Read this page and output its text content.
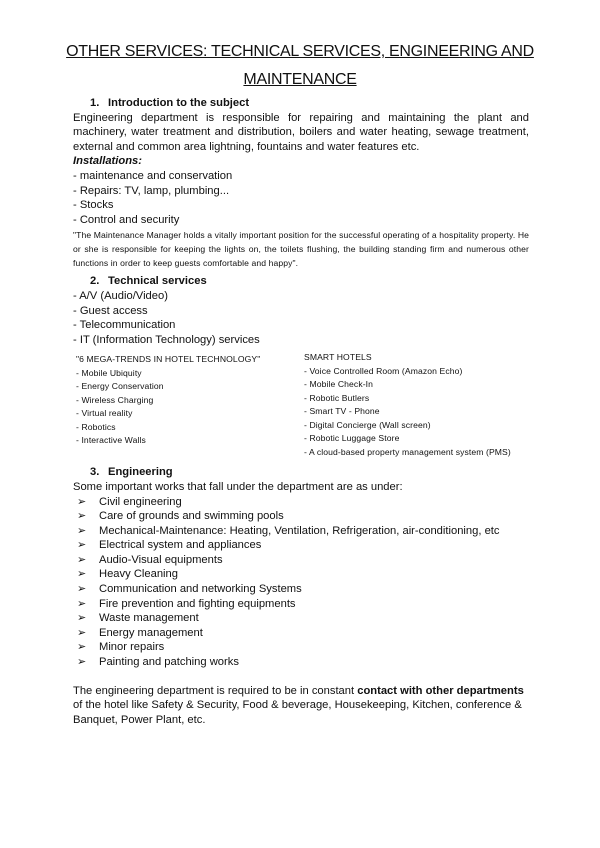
OTHER SERVICES: TECHNICAL SERVICES, ENGINEERING AND
MAINTENANCE
1. Introduction to the subject

Engineering department is responsible for repairing and maintaining the plant and machinery, water treatment and distribution, boilers and water heating, sewage treatment, external and common area lightning, fountains and water features etc.

Installations:
- maintenance and conservation
- Repairs: TV, lamp, plumbing...
- Stocks
- Control and security

"The Maintenance Manager holds a vitally important position for the successful operating of a hospitality property. He or she is responsible for keeping the lights on, the toilets flushing, the building standing firm and numerous other functions in order to keep guests comfortable and happy".

2. Technical services
- A/V (Audio/Video)
- Guest access
- Telecommunication
- IT (Information Technology) services
"6 MEGA-TRENDS IN HOTEL TECHNOLOGY"
- Mobile Ubiquity
- Energy Conservation
- Wireless Charging
- Virtual reality
- Robotics
- Interactive Walls
SMART HOTELS
- Voice Controlled Room (Amazon Echo)
- Mobile Check-In
- Robotic Butlers
- Smart TV - Phone
- Digital Concierge (Wall screen)
- Robotic Luggage Store
- A cloud-based property management system (PMS)
3. Engineering
Some important works that fall under the department are as under:
➢	Civil engineering
➢	Care of grounds and swimming pools
➢	Mechanical-Maintenance: Heating, Ventilation, Refrigeration, air-conditioning, etc
➢	Electrical system and appliances
➢	Audio-Visual equipments
➢	Heavy Cleaning
➢	Communication and networking Systems
➢	Fire prevention and fighting equipments
➢	Waste management
➢	Energy management
➢	Minor repairs
➢	Painting and patching works

The engineering department is required to be in constant contact with other departments of the hotel like Safety & Security, Food & beverage, Housekeeping, Kitchen, conference & Banquet, Power Plant, etc.
